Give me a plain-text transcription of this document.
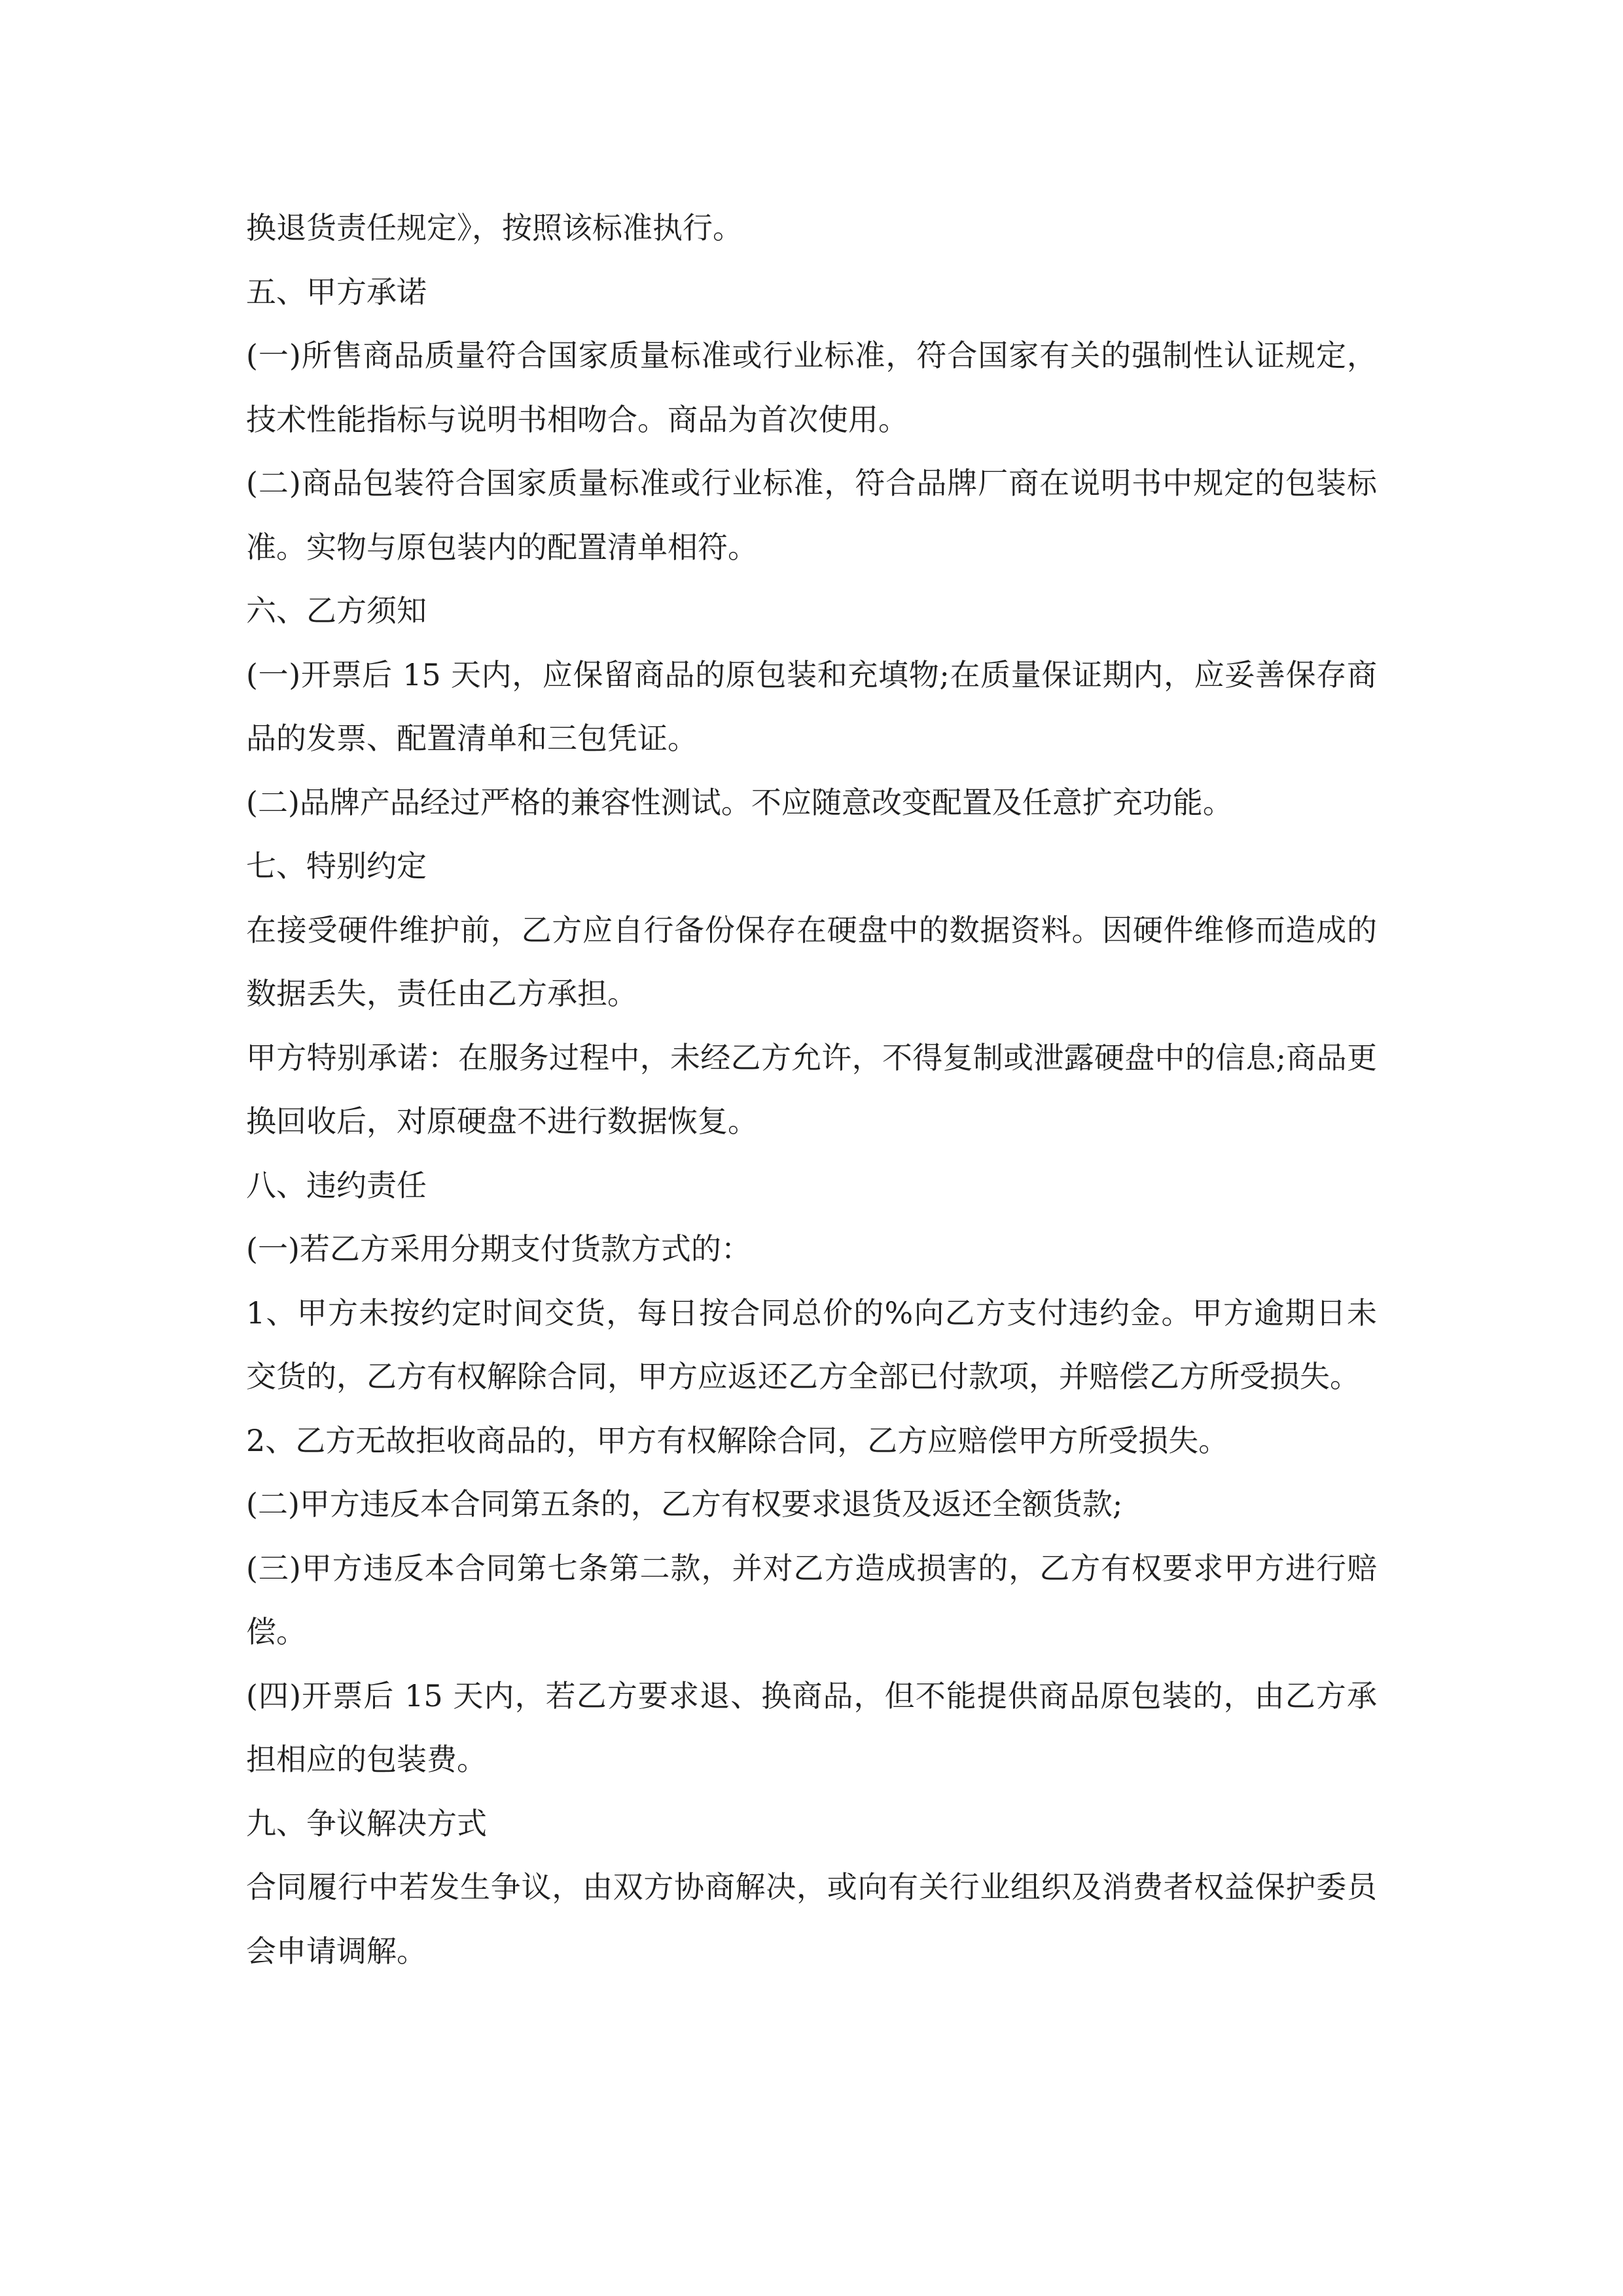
换退货责任规定》，按照该标准执行。

五、甲方承诺

(一)所售商品质量符合国家质量标准或行业标准，符合国家有关的强制性认证规定，技术性能指标与说明书相吻合。商品为首次使用。

(二)商品包装符合国家质量标准或行业标准，符合品牌厂商在说明书中规定的包装标准。实物与原包装内的配置清单相符。

六、乙方须知

(一)开票后 15 天内，应保留商品的原包装和充填物;在质量保证期内，应妥善保存商品的发票、配置清单和三包凭证。

(二)品牌产品经过严格的兼容性测试。不应随意改变配置及任意扩充功能。

七、特别约定

在接受硬件维护前，乙方应自行备份保存在硬盘中的数据资料。因硬件维修而造成的数据丢失，责任由乙方承担。

甲方特别承诺：在服务过程中，未经乙方允许，不得复制或泄露硬盘中的信息;商品更换回收后，对原硬盘不进行数据恢复。

八、违约责任

(一)若乙方采用分期支付货款方式的：

1、甲方未按约定时间交货，每日按合同总价的%向乙方支付违约金。甲方逾期日未交货的，乙方有权解除合同，甲方应返还乙方全部已付款项，并赔偿乙方所受损失。

2、乙方无故拒收商品的，甲方有权解除合同，乙方应赔偿甲方所受损失。

(二)甲方违反本合同第五条的，乙方有权要求退货及返还全额货款;

(三)甲方违反本合同第七条第二款，并对乙方造成损害的，乙方有权要求甲方进行赔偿。

(四)开票后 15 天内，若乙方要求退、换商品，但不能提供商品原包装的，由乙方承担相应的包装费。

九、争议解决方式

合同履行中若发生争议，由双方协商解决，或向有关行业组织及消费者权益保护委员会申请调解。
